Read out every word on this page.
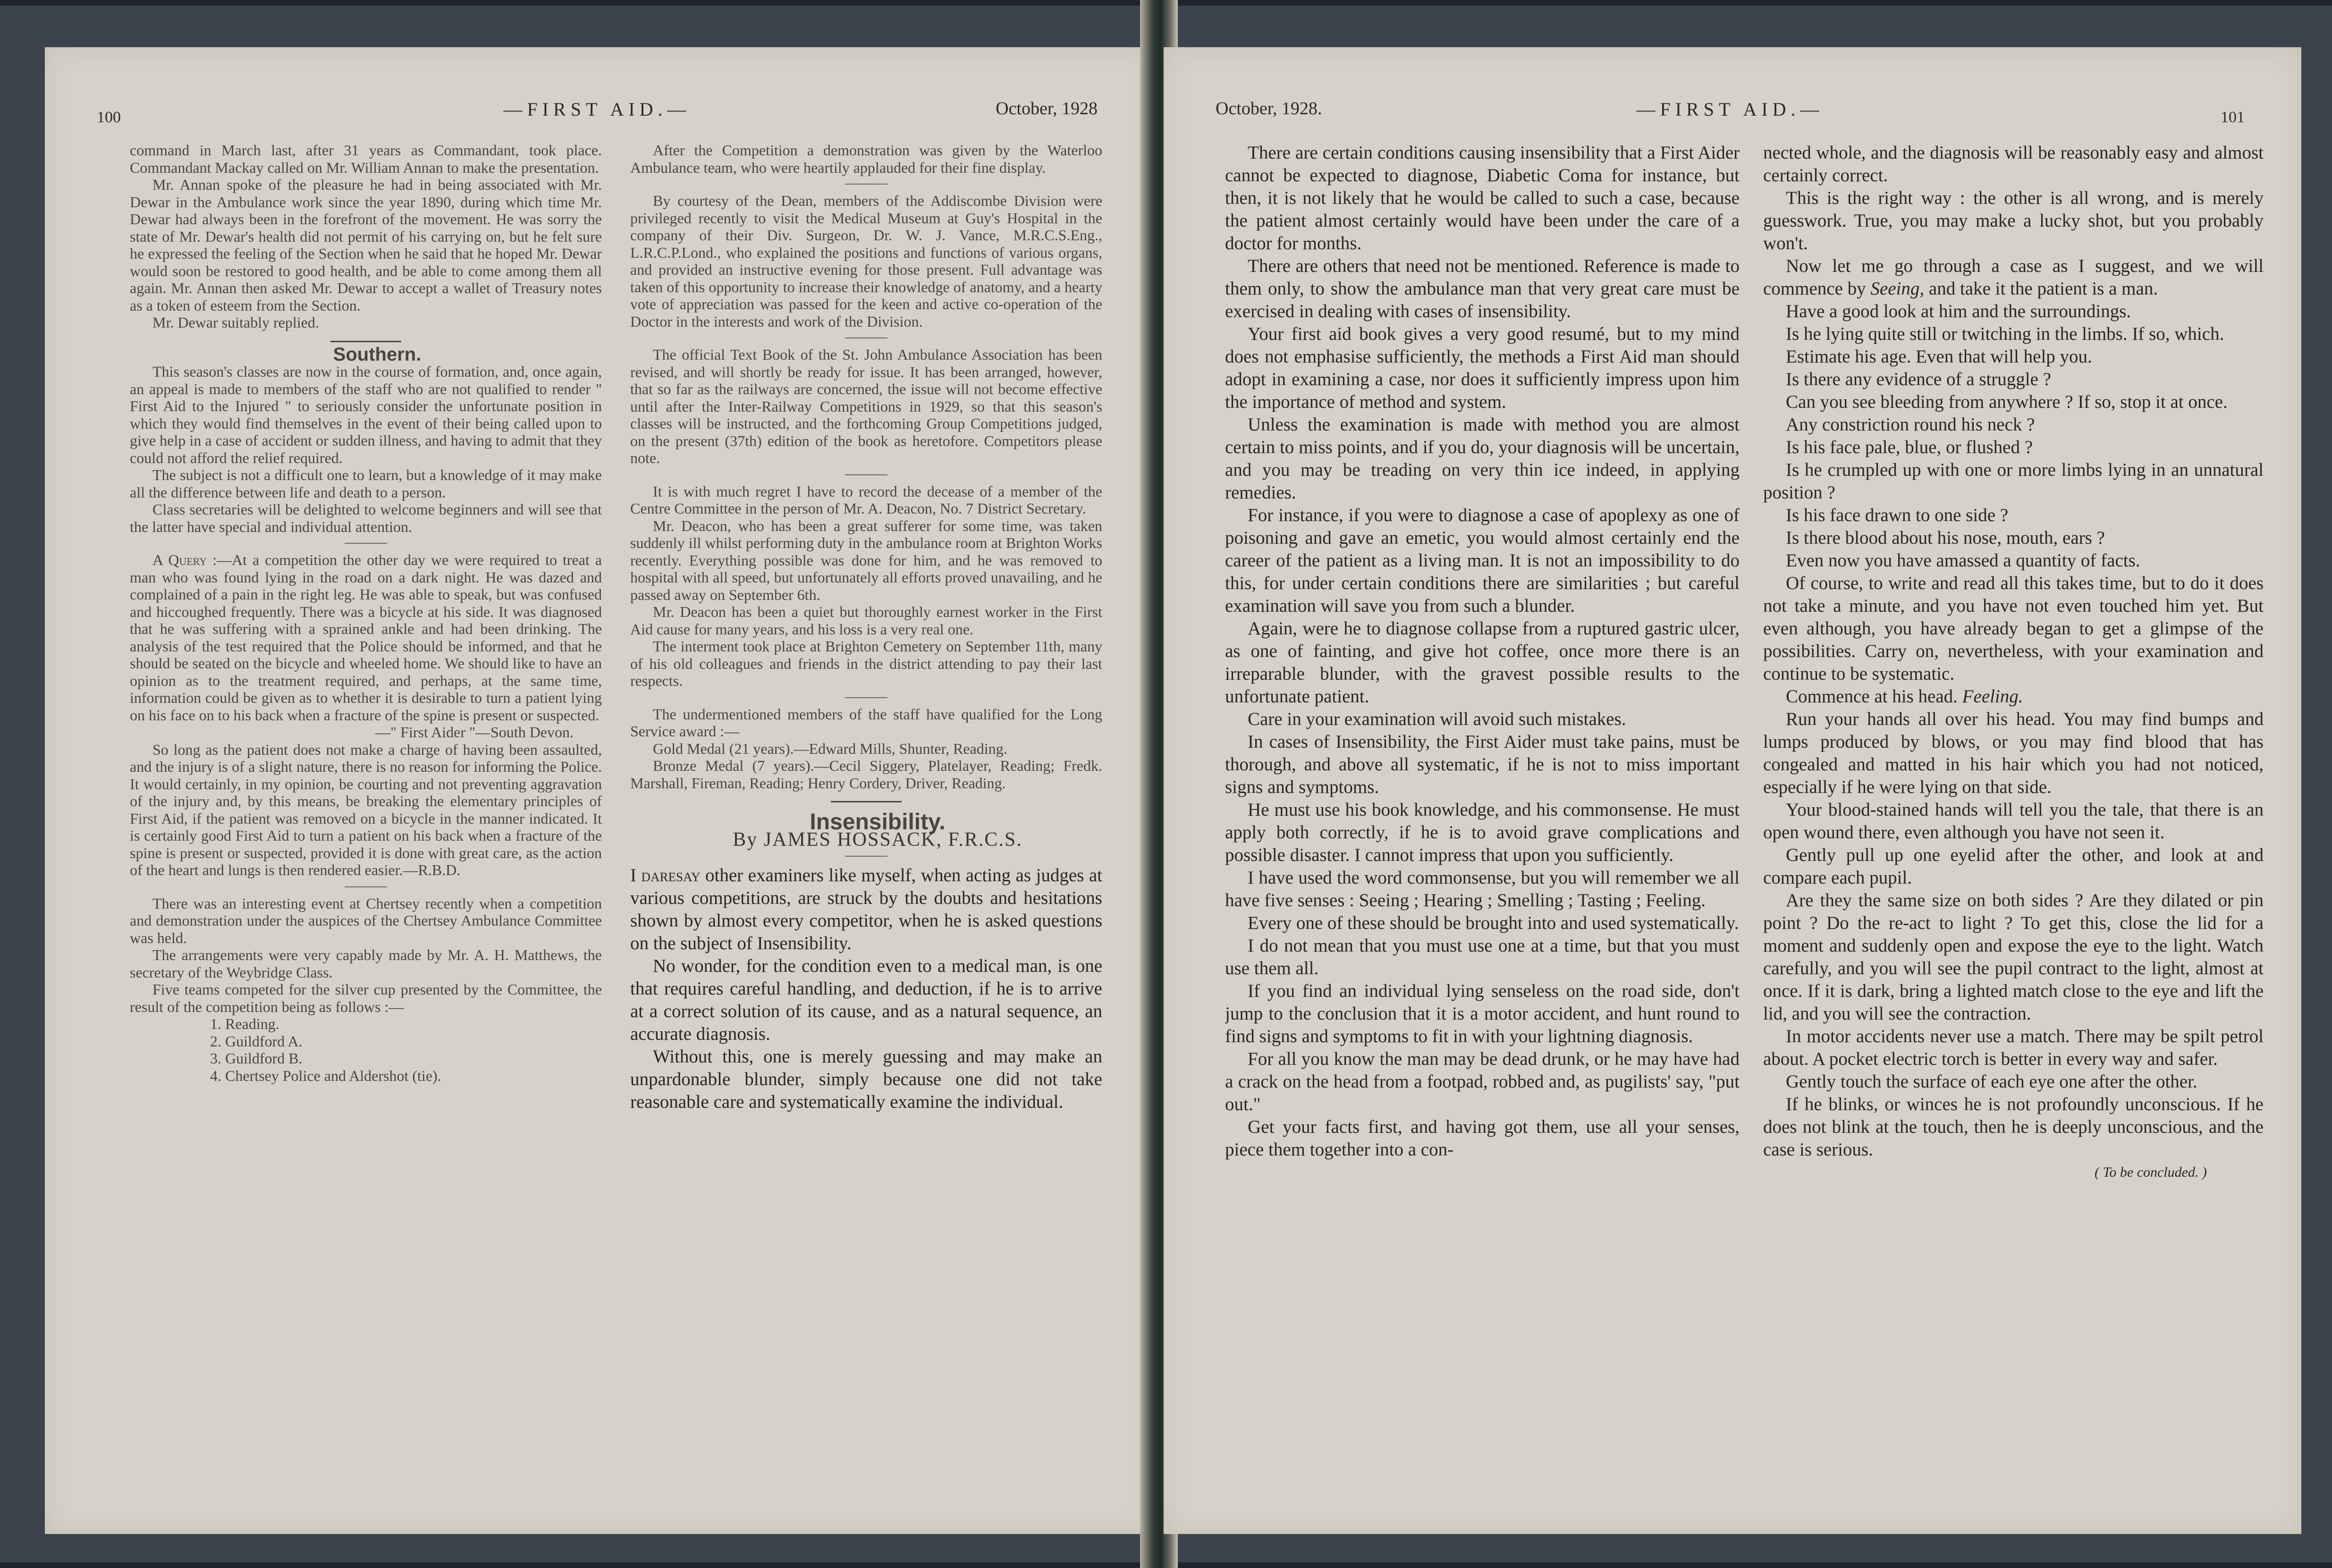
100	—FIRST AID.—	October, 1928

command in March last, after 31 years as Commandant, took place. Commandant Mackay called on Mr. William Annan to make the presentation.

Mr. Annan spoke of the pleasure he had in being associated with Mr. Dewar in the Ambulance work since the year 1890, during which time Mr. Dewar had always been in the forefront of the movement. He was sorry the state of Mr. Dewar's health did not permit of his carrying on, but he felt sure he expressed the feeling of the Section when he said that he hoped Mr. Dewar would soon be restored to good health, and be able to come among them all again. Mr. Annan then asked Mr. Dewar to accept a wallet of Treasury notes as a token of esteem from the Section.

Mr. Dewar suitably replied.

Southern.

This season's classes are now in the course of formation, and, once again, an appeal is made to members of the staff who are not qualified to render " First Aid to the Injured " to seriously consider the unfortunate position in which they would find themselves in the event of their being called upon to give help in a case of accident or sudden illness, and having to admit that they could not afford the relief required.

The subject is not a difficult one to learn, but a knowledge of it may make all the difference between life and death to a person.

Class secretaries will be delighted to welcome beginners and will see that the latter have special and individual attention.

A Query :—At a competition the other day we were required to treat a man who was found lying in the road on a dark night. He was dazed and complained of a pain in the right leg. He was able to speak, but was confused and hiccoughed frequently. There was a bicycle at his side. It was diagnosed that he was suffering with a sprained ankle and had been drinking. The analysis of the test required that the Police should be informed, and that he should be seated on the bicycle and wheeled home. We should like to have an opinion as to the treatment required, and perhaps, at the same time, information could be given as to whether it is desirable to turn a patient lying on his face on to his back when a fracture of the spine is present or suspected.

—" First Aider "—South Devon.

So long as the patient does not make a charge of having been assaulted, and the injury is of a slight nature, there is no reason for informing the Police. It would certainly, in my opinion, be courting and not preventing aggravation of the injury and, by this means, be breaking the elementary principles of First Aid, if the patient was removed on a bicycle in the manner indicated. It is certainly good First Aid to turn a patient on his back when a fracture of the spine is present or suspected, provided it is done with great care, as the action of the heart and lungs is then rendered easier.—R.B.D.

There was an interesting event at Chertsey recently when a competition and demonstration under the auspices of the Chertsey Ambulance Committee was held.

The arrangements were very capably made by Mr. A. H. Matthews, the secretary of the Weybridge Class.

Five teams competed for the silver cup presented by the Committee, the result of the competition being as follows :—

1. Reading.

2. Guildford A.

3. Guildford B.

4. Chertsey Police and Aldershot (tie).

After the Competition a demonstration was given by the Waterloo Ambulance team, who were heartily applauded for their fine display.

By courtesy of the Dean, members of the Addiscombe Division were privileged recently to visit the Medical Museum at Guy's Hospital in the company of their Div. Surgeon, Dr. W. J. Vance, M.R.C.S.Eng., L.R.C.P.Lond., who explained the positions and functions of various organs, and provided an instructive evening for those present. Full advantage was taken of this opportunity to increase their knowledge of anatomy, and a hearty vote of appreciation was passed for the keen and active co-operation of the Doctor in the interests and work of the Division.

The official Text Book of the St. John Ambulance Association has been revised, and will shortly be ready for issue. It has been arranged, however, that so far as the railways are concerned, the issue will not become effective until after the Inter-Railway Competitions in 1929, so that this season's classes will be instructed, and the forthcoming Group Competitions judged, on the present (37th) edition of the book as heretofore. Competitors please note.

It is with much regret I have to record the decease of a member of the Centre Committee in the person of Mr. A. Deacon, No. 7 District Secretary.

Mr. Deacon, who has been a great sufferer for some time, was taken suddenly ill whilst performing duty in the ambulance room at Brighton Works recently. Everything possible was done for him, and he was removed to hospital with all speed, but unfortunately all efforts proved unavailing, and he passed away on September 6th.

Mr. Deacon has been a quiet but thoroughly earnest worker in the First Aid cause for many years, and his loss is a very real one.

The interment took place at Brighton Cemetery on September 11th, many of his old colleagues and friends in the district attending to pay their last respects.

The undermentioned members of the staff have qualified for the Long Service award :—

Gold Medal (21 years).—Edward Mills, Shunter, Reading.

Bronze Medal (7 years).—Cecil Siggery, Platelayer, Reading; Fredk. Marshall, Fireman, Reading; Henry Cordery, Driver, Reading.

Insensibility.

By JAMES HOSSACK, F.R.C.S.

I daresay other examiners like myself, when acting as judges at various competitions, are struck by the doubts and hesitations shown by almost every competitor, when he is asked questions on the subject of Insensibility.

No wonder, for the condition even to a medical man, is one that requires careful handling, and deduction, if he is to arrive at a correct solution of its cause, and as a natural sequence, an accurate diagnosis.

Without this, one is merely guessing and may make an unpardonable blunder, simply because one did not take reasonable care and systematically examine the individual.

October, 1928.	—FIRST AID.—	101

There are certain conditions causing insensibility that a First Aider cannot be expected to diagnose, Diabetic Coma for instance, but then, it is not likely that he would be called to such a case, because the patient almost certainly would have been under the care of a doctor for months.

There are others that need not be mentioned. Reference is made to them only, to show the ambulance man that very great care must be exercised in dealing with cases of insensibility.

Your first aid book gives a very good resumé, but to my mind does not emphasise sufficiently, the methods a First Aid man should adopt in examining a case, nor does it sufficiently impress upon him the importance of method and system.

Unless the examination is made with method you are almost certain to miss points, and if you do, your diagnosis will be uncertain, and you may be treading on very thin ice indeed, in applying remedies.

For instance, if you were to diagnose a case of apoplexy as one of poisoning and gave an emetic, you would almost certainly end the career of the patient as a living man. It is not an impossibility to do this, for under certain conditions there are similarities ; but careful examination will save you from such a blunder.

Again, were he to diagnose collapse from a ruptured gastric ulcer, as one of fainting, and give hot coffee, once more there is an irreparable blunder, with the gravest possible results to the unfortunate patient.

Care in your examination will avoid such mistakes.

In cases of Insensibility, the First Aider must take pains, must be thorough, and above all systematic, if he is not to miss important signs and symptoms.

He must use his book knowledge, and his commonsense. He must apply both correctly, if he is to avoid grave complications and possible disaster. I cannot impress that upon you sufficiently.

I have used the word commonsense, but you will remember we all have five senses : Seeing ; Hearing ; Smelling ; Tasting ; Feeling.

Every one of these should be brought into and used systematically.

I do not mean that you must use one at a time, but that you must use them all.

If you find an individual lying senseless on the road side, don't jump to the conclusion that it is a motor accident, and hunt round to find signs and symptoms to fit in with your lightning diagnosis.

For all you know the man may be dead drunk, or he may have had a crack on the head from a footpad, robbed and, as pugilists' say, "put out."

Get your facts first, and having got them, use all your senses, piece them together into a con-

nected whole, and the diagnosis will be reasonably easy and almost certainly correct.

This is the right way : the other is all wrong, and is merely guesswork. True, you may make a lucky shot, but you probably won't.

Now let me go through a case as I suggest, and we will commence by Seeing, and take it the patient is a man.

Have a good look at him and the surroundings.

Is he lying quite still or twitching in the limbs. If so, which.

Estimate his age. Even that will help you.

Is there any evidence of a struggle ?

Can you see bleeding from anywhere ? If so, stop it at once.

Any constriction round his neck ?

Is his face pale, blue, or flushed ?

Is he crumpled up with one or more limbs lying in an unnatural position ?

Is his face drawn to one side ?

Is there blood about his nose, mouth, ears ?

Even now you have amassed a quantity of facts.

Of course, to write and read all this takes time, but to do it does not take a minute, and you have not even touched him yet. But even although, you have already began to get a glimpse of the possibilities. Carry on, nevertheless, with your examination and continue to be systematic.

Commence at his head. Feeling.

Run your hands all over his head. You may find bumps and lumps produced by blows, or you may find blood that has congealed and matted in his hair which you had not noticed, especially if he were lying on that side.

Your blood-stained hands will tell you the tale, that there is an open wound there, even although you have not seen it.

Gently pull up one eyelid after the other, and look at and compare each pupil.

Are they the same size on both sides ? Are they dilated or pin point ? Do the re-act to light ? To get this, close the lid for a moment and suddenly open and expose the eye to the light. Watch carefully, and you will see the pupil contract to the light, almost at once. If it is dark, bring a lighted match close to the eye and lift the lid, and you will see the contraction.

In motor accidents never use a match. There may be spilt petrol about. A pocket electric torch is better in every way and safer.

Gently touch the surface of each eye one after the other.

If he blinks, or winces he is not profoundly unconscious. If he does not blink at the touch, then he is deeply unconscious, and the case is serious.

( To be concluded. )
